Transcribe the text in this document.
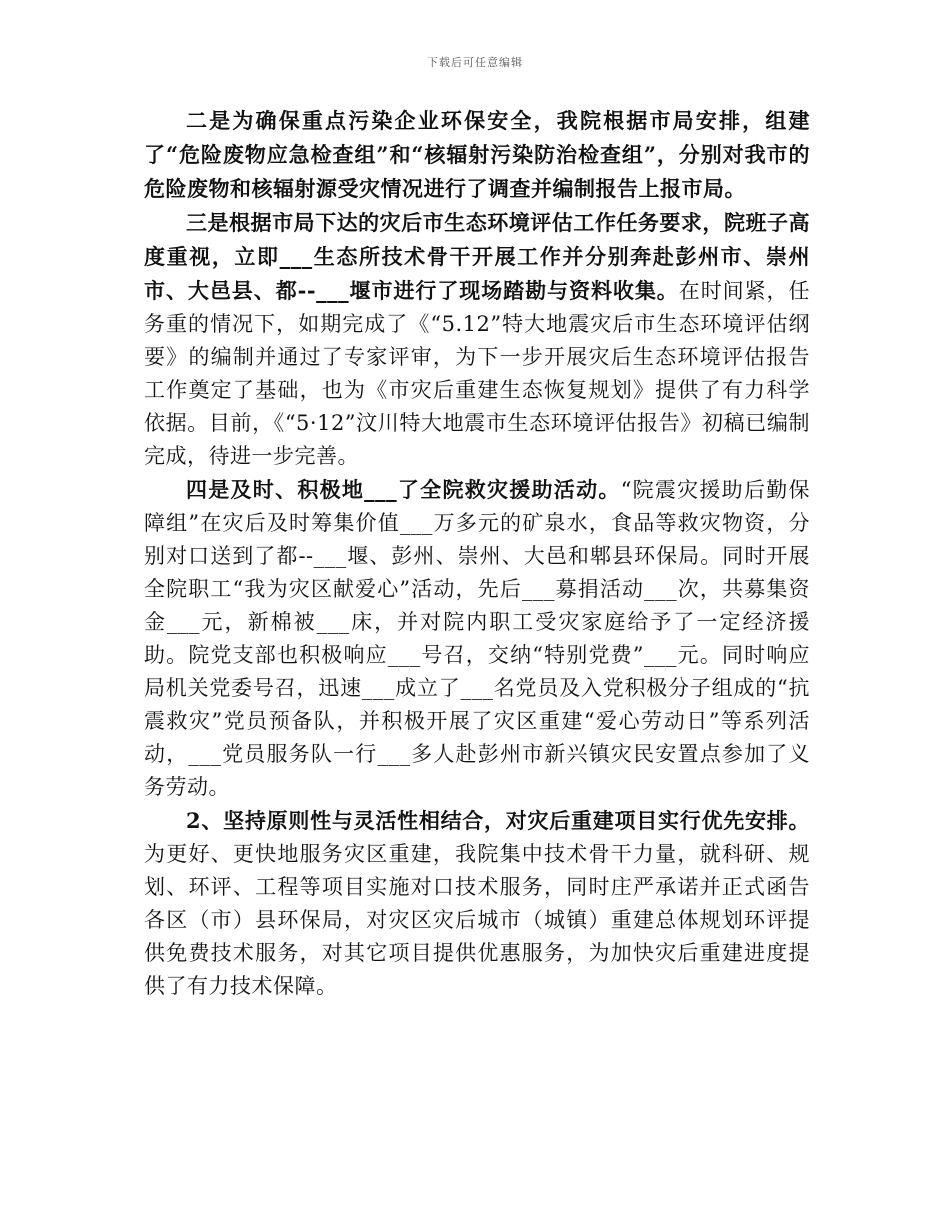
下载后可任意编辑

二是为确保重点污染企业环保安全，我院根据市局安排，组建了“危险废物应急检查组”和“核辐射污染防治检查组”，分别对我市的危险废物和核辐射源受灾情况进行了调查并编制报告上报市局。

三是根据市局下达的灾后市生态环境评估工作任务要求，院班子高度重视，立即___生态所技术骨干开展工作并分别奔赴彭州市、崇州市、大邑县、都--___堰市进行了现场踏勘与资料收集。在时间紧，任务重的情况下，如期完成了《“5.12”特大地震灾后市生态环境评估纲要》的编制并通过了专家评审，为下一步开展灾后生态环境评估报告工作奠定了基础，也为《市灾后重建生态恢复规划》提供了有力科学依据。目前，《“5·12”汶川特大地震市生态环境评估报告》初稿已编制完成，待进一步完善。

四是及时、积极地___了全院救灾援助活动。“院震灾援助后勤保障组”在灾后及时筹集价值___万多元的矿泉水，食品等救灾物资，分别对口送到了都--___堰、彭州、崇州、大邑和郫县环保局。同时开展全院职工“我为灾区献爱心”活动，先后___募捐活动___次，共募集资金___元，新棉被___床，并对院内职工受灾家庭给予了一定经济援助。院党支部也积极响应___号召，交纳“特别党费”___元。同时响应局机关党委号召，迅速___成立了___名党员及入党积极分子组成的“抗震救灾”党员预备队，并积极开展了灾区重建“爱心劳动日”等系列活动，___党员服务队一行___多人赴彭州市新兴镇灾民安置点参加了义务劳动。

2、坚持原则性与灵活性相结合，对灾后重建项目实行优先安排。为更好、更快地服务灾区重建，我院集中技术骨干力量，就科研、规划、环评、工程等项目实施对口技术服务，同时庄严承诺并正式函告各区（市）县环保局，对灾区灾后城市（城镇）重建总体规划环评提供免费技术服务，对其它项目提供优惠服务，为加快灾后重建进度提供了有力技术保障。
